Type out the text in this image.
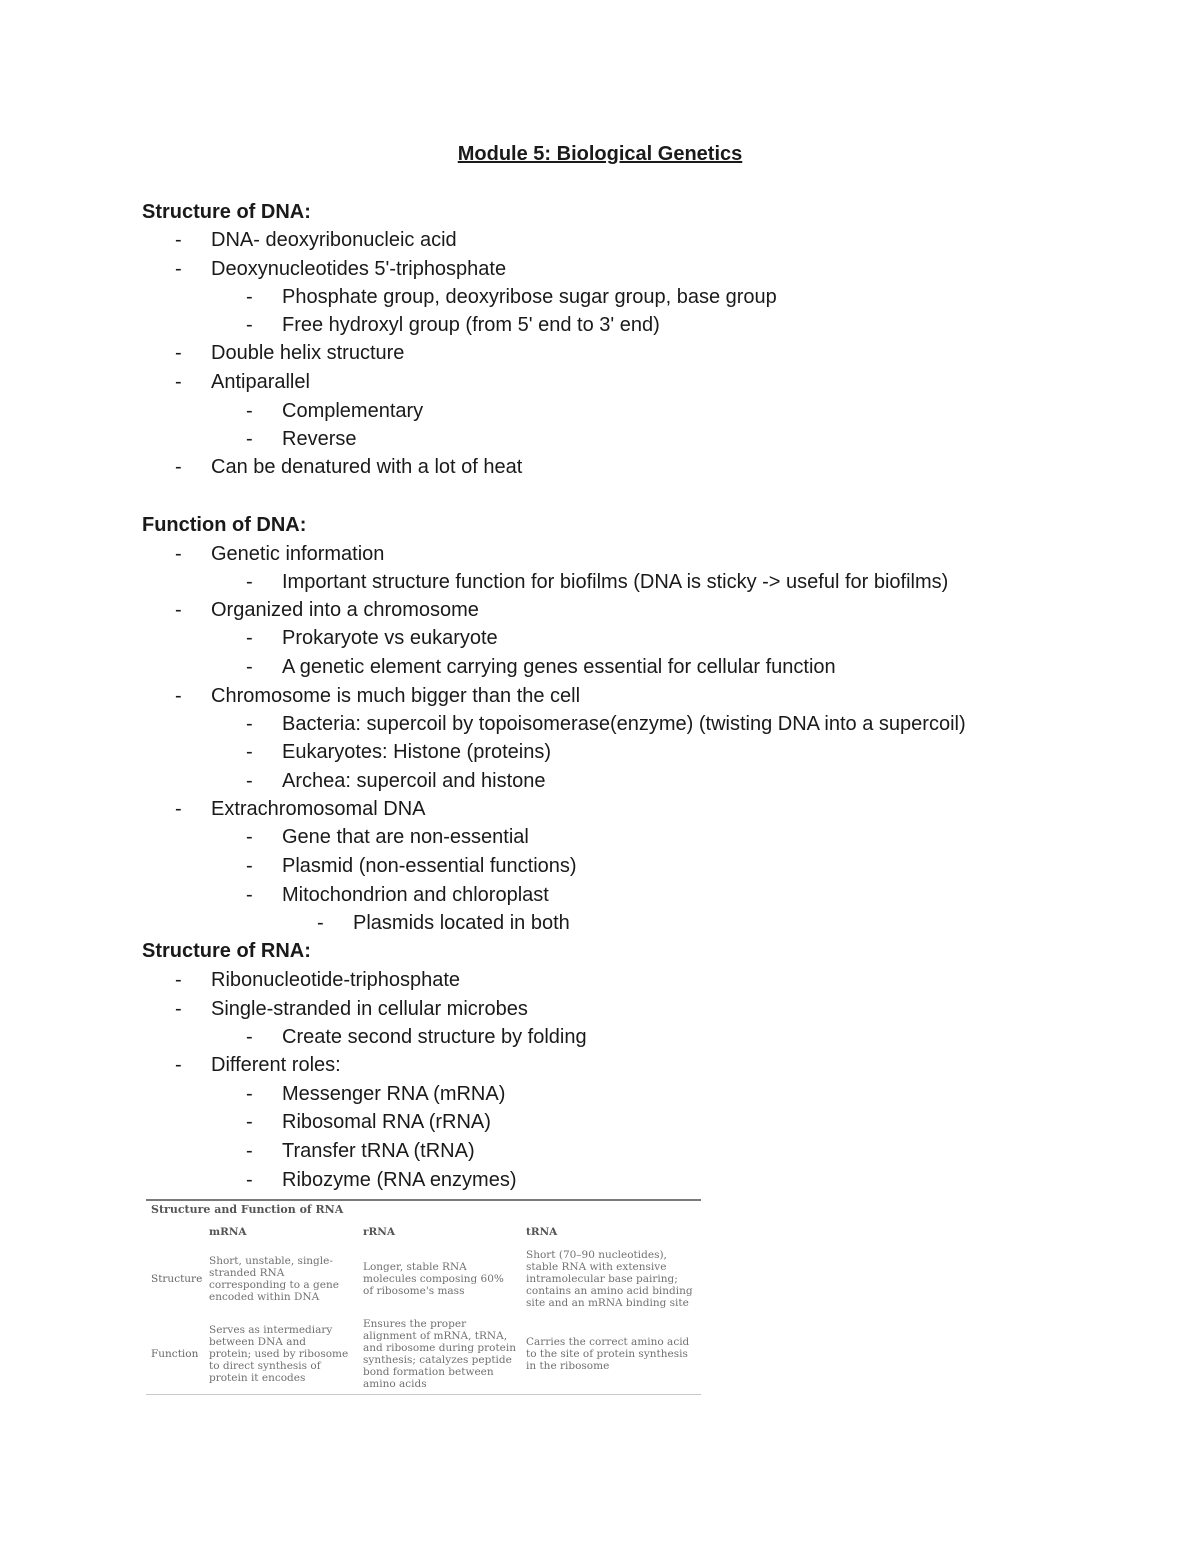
Module 5: Biological Genetics
Structure of DNA:
- DNA- deoxyribonucleic acid
- Deoxynucleotides 5'-triphosphate
- Phosphate group, deoxyribose sugar group, base group
- Free hydroxyl group (from 5' end to 3' end)
- Double helix structure
- Antiparallel
- Complementary
- Reverse
- Can be denatured with a lot of heat
Function of DNA:
- Genetic information
- Important structure function for biofilms (DNA is sticky -> useful for biofilms)
- Organized into a chromosome
- Prokaryote vs eukaryote
- A genetic element carrying genes essential for cellular function
- Chromosome is much bigger than the cell
- Bacteria: supercoil by topoisomerase(enzyme) (twisting DNA into a supercoil)
- Eukaryotes: Histone (proteins)
- Archea: supercoil and histone
- Extrachromosomal DNA
- Gene that are non-essential
- Plasmid (non-essential functions)
- Mitochondrion and chloroplast
- Plasmids located in both
Structure of RNA:
- Ribonucleotide-triphosphate
- Single-stranded in cellular microbes
- Create second structure by folding
- Different roles:
- Messenger RNA (mRNA)
- Ribosomal RNA (rRNA)
- Transfer tRNA (tRNA)
- Ribozyme (RNA enzymes)
Structure and Function of RNA
mRNA	rRNA	tRNA
Structure
Function
Short, unstable, single-stranded RNA corresponding to a gene encoded within DNA
Longer, stable RNA molecules composing 60% of ribosome's mass
Short (70–90 nucleotides), stable RNA with extensive intramolecular base pairing; contains an amino acid binding site and an mRNA binding site
Serves as intermediary between DNA and protein; used by ribosome to direct synthesis of protein it encodes
Ensures the proper alignment of mRNA, tRNA, and ribosome during protein synthesis; catalyzes peptide bond formation between amino acids
Carries the correct amino acid to the site of protein synthesis in the ribosome
